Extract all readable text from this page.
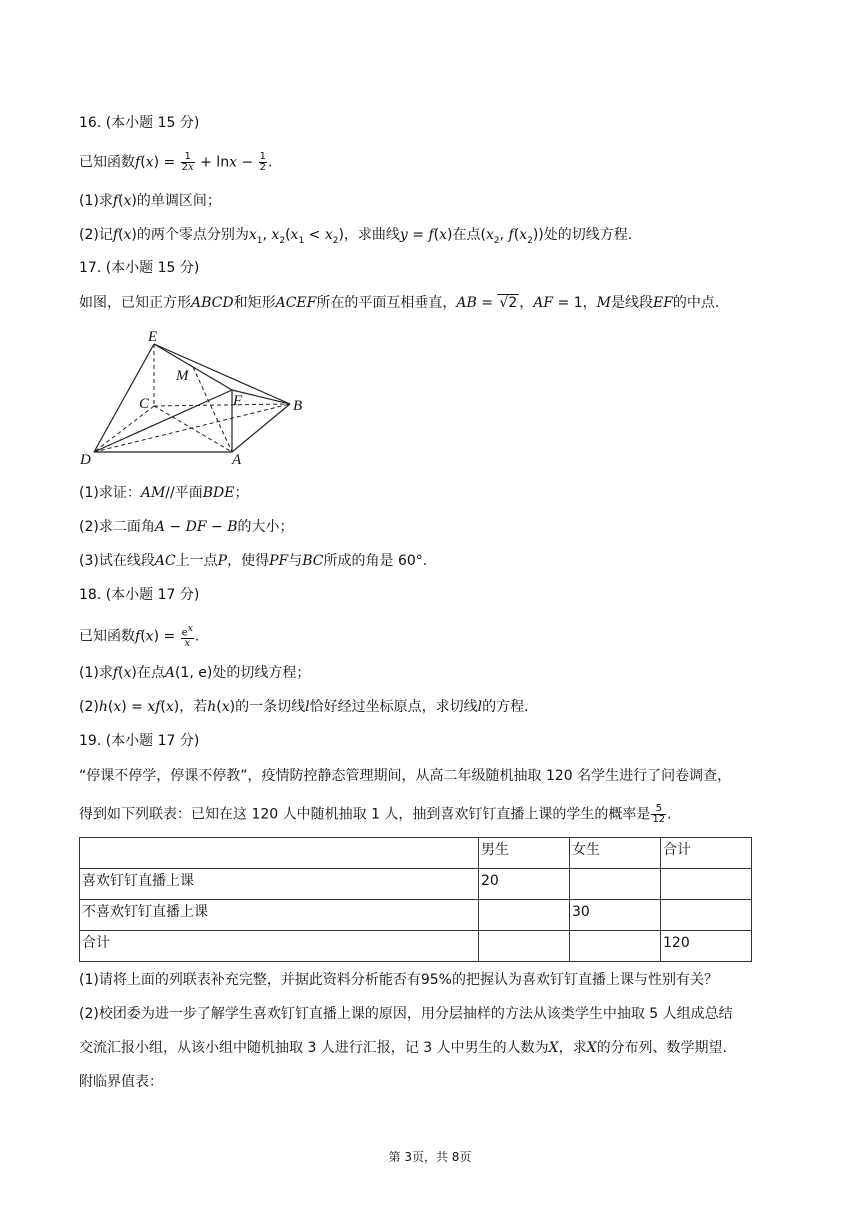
16. (本小题 15 分)
已知函数$f(x) = \frac{1}{2x} + \ln x - \frac{1}{2}$ .
(1)求f(x)的单调区间；
(2)记f(x)的两个零点分别为$x_1$, $x_2(x_1 < x_2)$，求曲线y = f(x)在点($x_2$, $f(x_2)$)处的切线方程.
17. (本小题 15 分)
如图，已知正方形ABCD和矩形ACEF所在的平面互相垂直，AB = √2 ，AF = 1，M是线段EF的中点.
E
M
C	F	B
D	A
(1)求证：AM//平面BDE；
(2)求二面角A − DF − B的大小；
(3)试在线段AC上一点P，使得PF与BC所成的角是 60°.
18. (本小题 17 分)
已知函数$f(x) = \frac{e^x}{x}$ .
(1)求f(x)在点A(1, e)处的切线方程；
(2)h(x) = xf(x)，若h(x)的一条切线l恰好经过坐标原点，求切线l的方程.
19. (本小题 17 分)
“停课不停学，停课不停教”，疫情防控静态管理期间，从高二年级随机抽取 120 名学生进行了问卷调查，
得到如下列联表：已知在这 120 人中随机抽取 1 人，抽到喜欢钉钉直播上课的学生的概率是 $\frac{5}{12}$ .
	男生	女生	合计
喜欢钉钉直播上课	20		
不喜欢钉钉直播上课		30	
合计			120
(1)请将上面的列联表补充完整，并据此资料分析能否有95%的把握认为喜欢钉钉直播上课与性别有关？
(2)校团委为进一步了解学生喜欢钉钉直播上课的原因，用分层抽样的方法从该类学生中抽取 5 人组成总结
交流汇报小组，从该小组中随机抽取 3 人进行汇报，记 3 人中男生的人数为X，求X的分布列、数学期望.
附临界值表：
第 3页，共 8页
